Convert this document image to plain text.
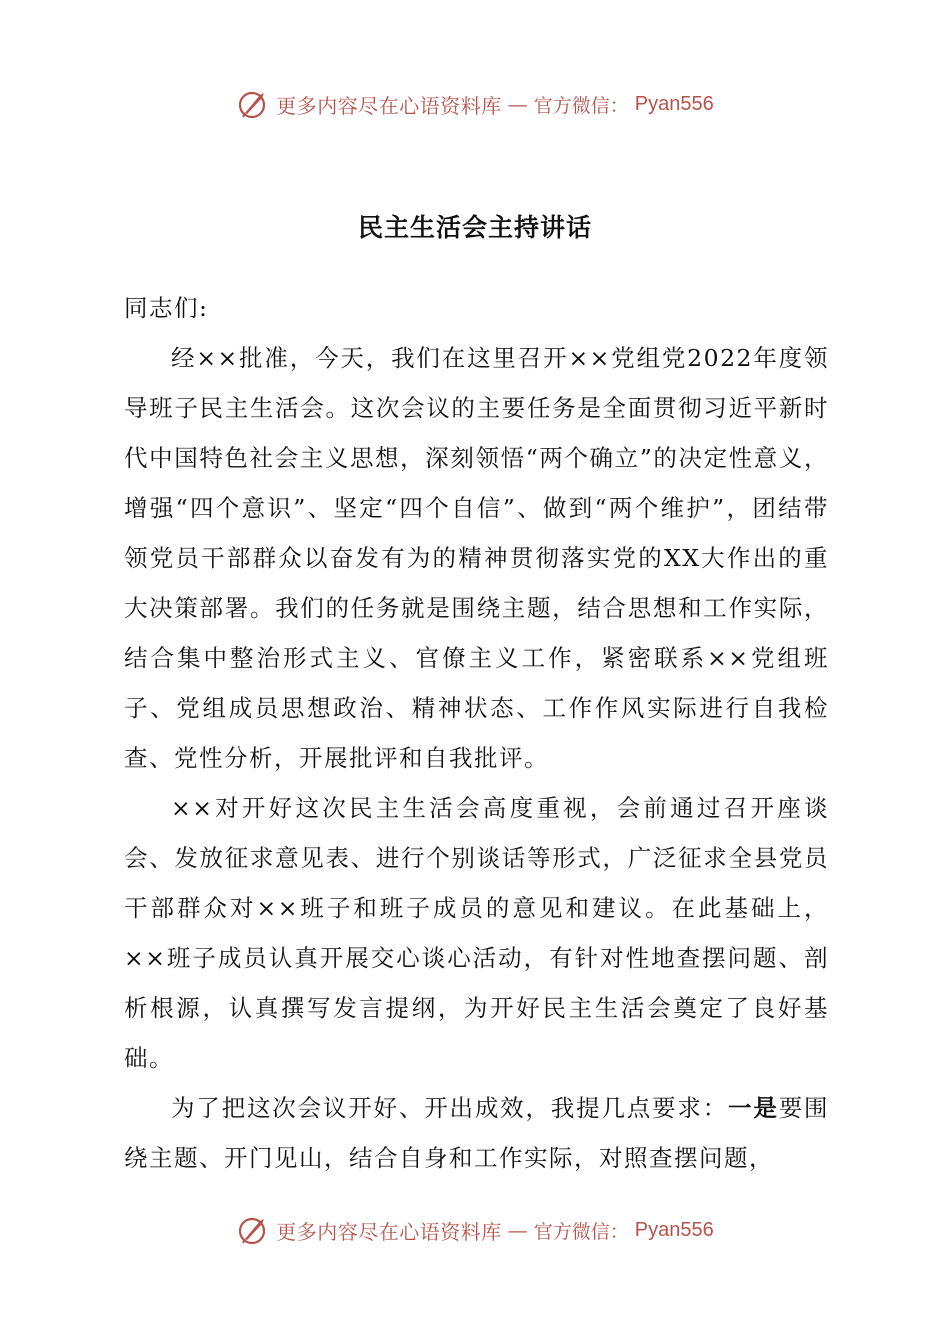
更多内容尽在心语资料库 — 官方微信： Pyan556
民主生活会主持讲话

同志们:

经××批准，今天，我们在这里召开××党组党2022年度领导班子民主生活会。这次会议的主要任务是全面贯彻习近平新时代中国特色社会主义思想，深刻领悟“两个确立”的决定性意义，增强“四个意识”、坚定“四个自信”、做到“两个维护”，团结带领党员干部群众以奋发有为的精神贯彻落实党的XX大作出的重大决策部署。我们的任务就是围绕主题，结合思想和工作实际，结合集中整治形式主义、官僚主义工作，紧密联系××党组班子、党组成员思想政治、精神状态、工作作风实际进行自我检查、党性分析，开展批评和自我批评。

××对开好这次民主生活会高度重视，会前通过召开座谈会、发放征求意见表、进行个别谈话等形式，广泛征求全县党员干部群众对××班子和班子成员的意见和建议。在此基础上，××班子成员认真开展交心谈心活动，有针对性地查摆问题、剖析根源，认真撰写发言提纲，为开好民主生活会奠定了良好基础。

为了把这次会议开好、开出成效，我提几点要求：一是要围绕主题、开门见山，结合自身和工作实际，对照查摆问题，

更多内容尽在心语资料库 — 官方微信： Pyan556
